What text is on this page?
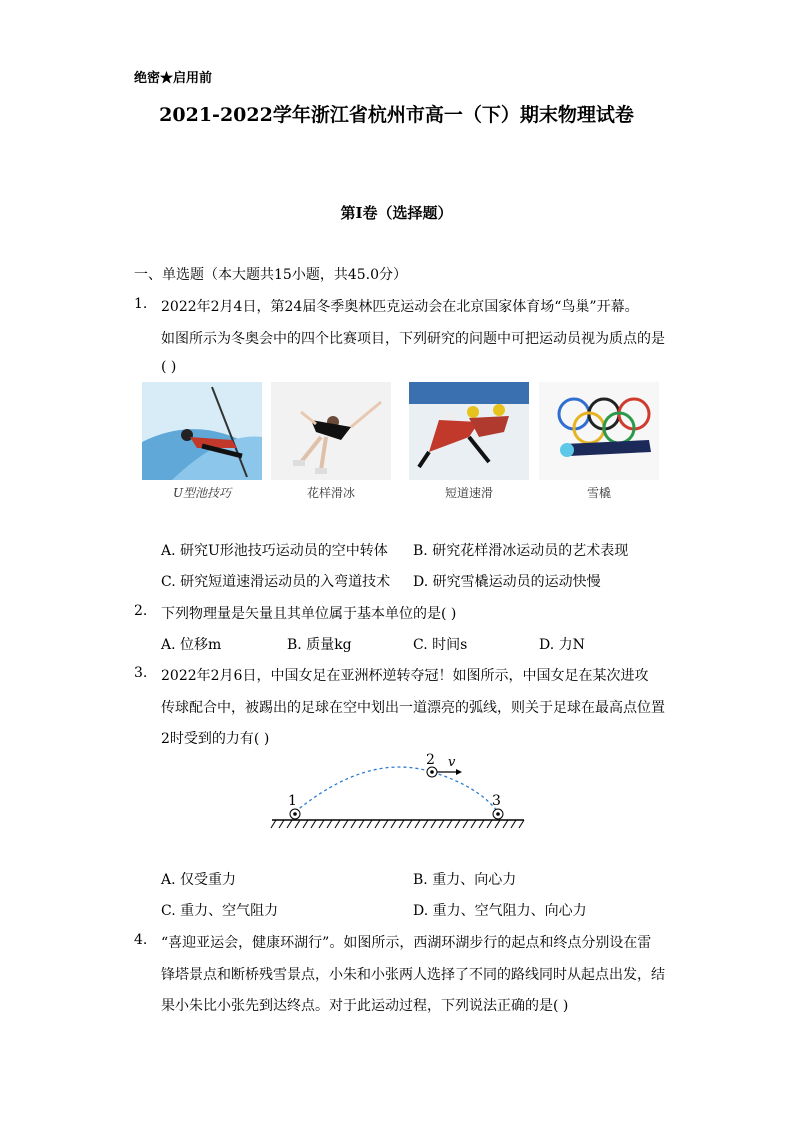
绝密★启用前
2021-2022学年浙江省杭州市高一（下）期末物理试卷
第I卷（选择题）
一、单选题（本大题共15小题，共45.0分）
1. 2022年2月4日，第24届冬季奥林匹克运动会在北京国家体育场“鸟巢”开幕。
如图所示为冬奥会中的四个比赛项目，下列研究的问题中可把运动员视为质点的是
( )
U型池技巧	花样滑冰	短道速滑	雪橇
A. 研究U形池技巧运动员的空中转体 B. 研究花样滑冰运动员的艺术表现
C. 研究短道速滑运动员的入弯道技术 D. 研究雪橇运动员的运动快慢
2. 下列物理量是矢量且其单位属于基本单位的是( )
A. 位移m	B. 质量kg	C. 时间s	D. 力N
3. 2022年2月6日，中国女足在亚洲杯逆转夺冠！如图所示，中国女足在某次进攻
传球配合中，被踢出的足球在空中划出一道漂亮的弧线，则关于足球在最高点位置
2时受到的力有( )
1
2
3
v
A. 仅受重力	B. 重力、向心力
C. 重力、空气阻力	D. 重力、空气阻力、向心力
4. “喜迎亚运会，健康环湖行”。如图所示，西湖环湖步行的起点和终点分别设在雷
锋塔景点和断桥残雪景点，小朱和小张两人选择了不同的路线同时从起点出发，结
果小朱比小张先到达终点。对于此运动过程，下列说法正确的是( )
